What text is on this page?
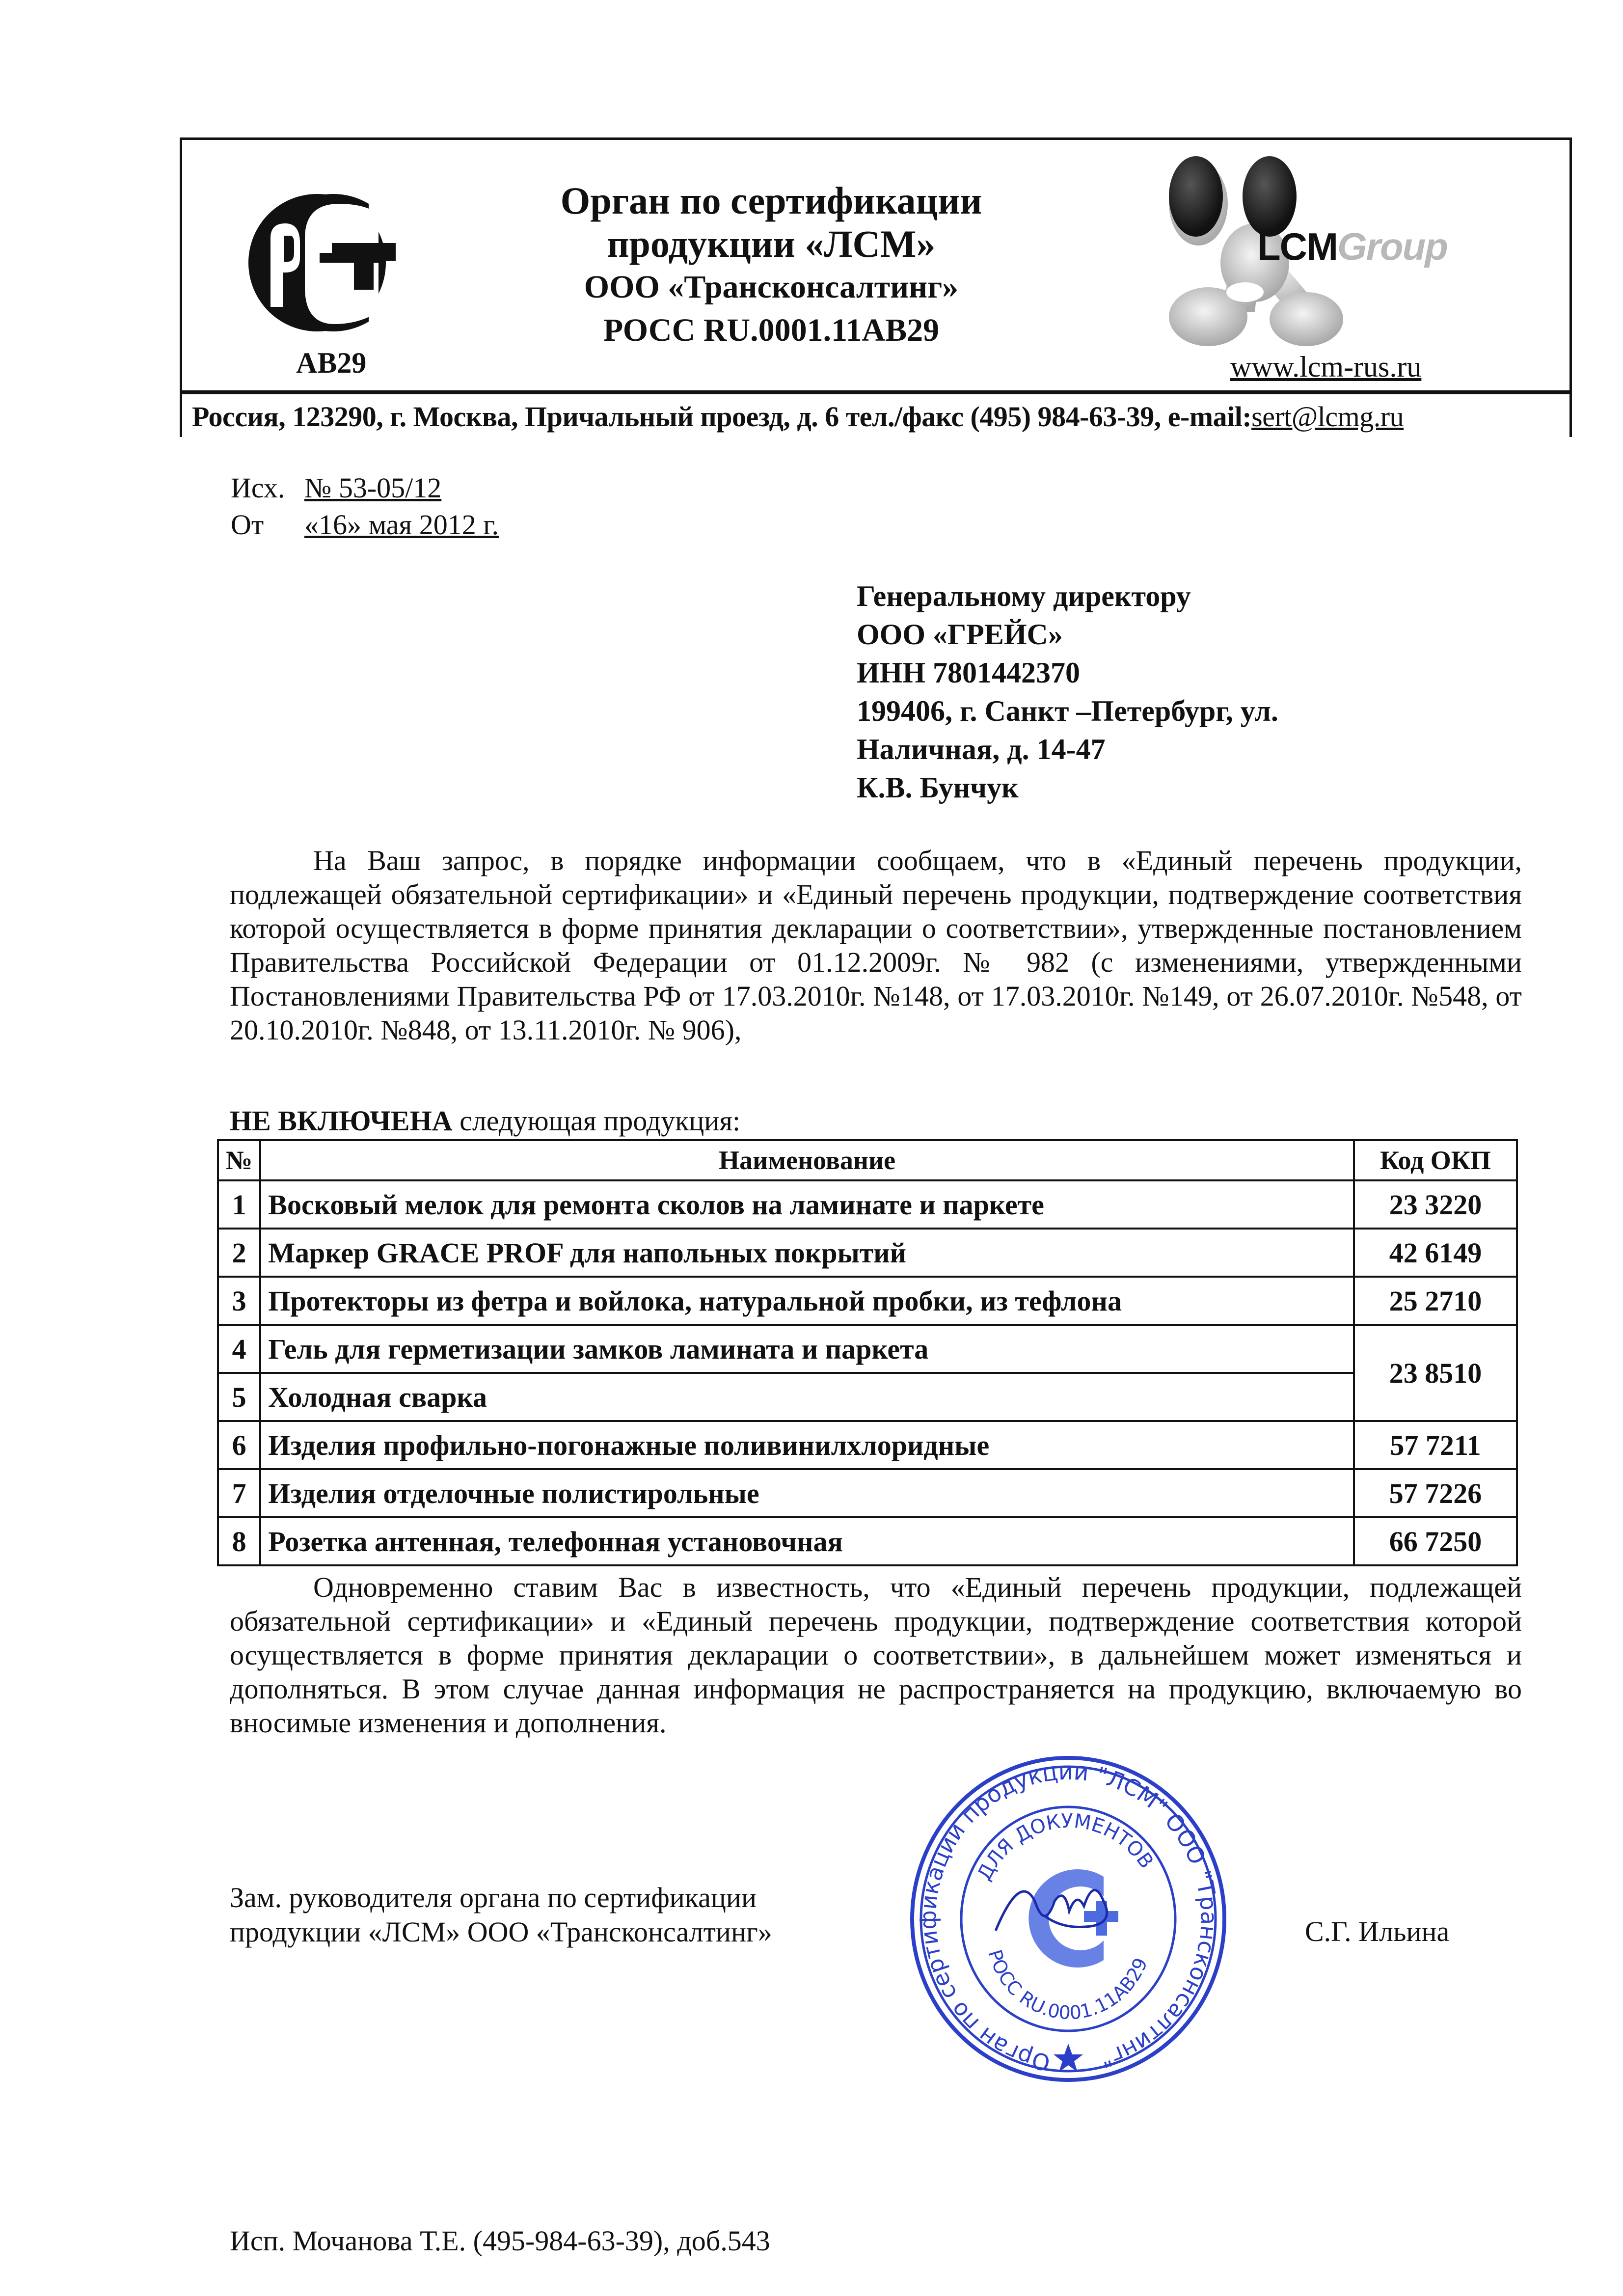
AB29
Орган по сертификации
продукции «ЛСМ»
ООО «Трансконсалтинг»
РОСС RU.0001.11AB29
LCMGroup
www.lcm-rus.ru
Россия, 123290, г. Москва, Причальный проезд, д. 6 тел./факс (495) 984-63-39, e-mail:sert@lcmg.ru
Исх. № 53-05/12
От «16» мая 2012 г.
Генеральному директору
ООО «ГРЕЙС»
ИНН 7801442370
199406, г. Санкт –Петербург, ул.
Наличная, д. 14-47
К.В. Бунчук
На Ваш запрос, в порядке информации сообщаем, что в «Единый перечень продукции, подлежащей обязательной сертификации» и «Единый перечень продукции, подтверждение соответствия которой осуществляется в форме принятия декларации о соответствии», утвержденные постановлением Правительства Российской Федерации от 01.12.2009г. № 982 (с изменениями, утвержденными Постановлениями Правительства РФ от 17.03.2010г. №148, от 17.03.2010г. №149, от 26.07.2010г. №548, от 20.10.2010г. №848, от 13.11.2010г. № 906),
НЕ ВКЛЮЧЕНА следующая продукция:
№	Наименование	Код ОКП
1	Восковый мелок для ремонта сколов на ламинате и паркете	23 3220
2	Маркер GRACE PROF для напольных покрытий	42 6149
3	Протекторы из фетра и войлока, натуральной пробки, из тефлона	25 2710
4	Гель для герметизации замков ламината и паркета	23 8510
5	Холодная сварка	
6	Изделия профильно-погонажные поливинилхлоридные	57 7211
7	Изделия отделочные полистирольные	57 7226
8	Розетка антенная, телефонная установочная	66 7250
Одновременно ставим Вас в известность, что «Единый перечень продукции, подлежащей обязательной сертификации» и «Единый перечень продукции, подтверждение соответствия которой осуществляется в форме принятия декларации о соответствии», в дальнейшем может изменяться и дополняться. В этом случае данная информация не распространяется на продукцию, включаемую во вносимые изменения и дополнения.
Зам. руководителя органа по сертификации
продукции «ЛСМ» ООО «Трансконсалтинг»
Орган по сертификации продукции "ЛСМ" ООО "Трансконсалтинг"
ДЛЯ ДОКУМЕНТОВ
РОСС RU.0001.11AB29
С.Г. Ильина
Исп. Мочанова Т.Е. (495-984-63-39), доб.543
